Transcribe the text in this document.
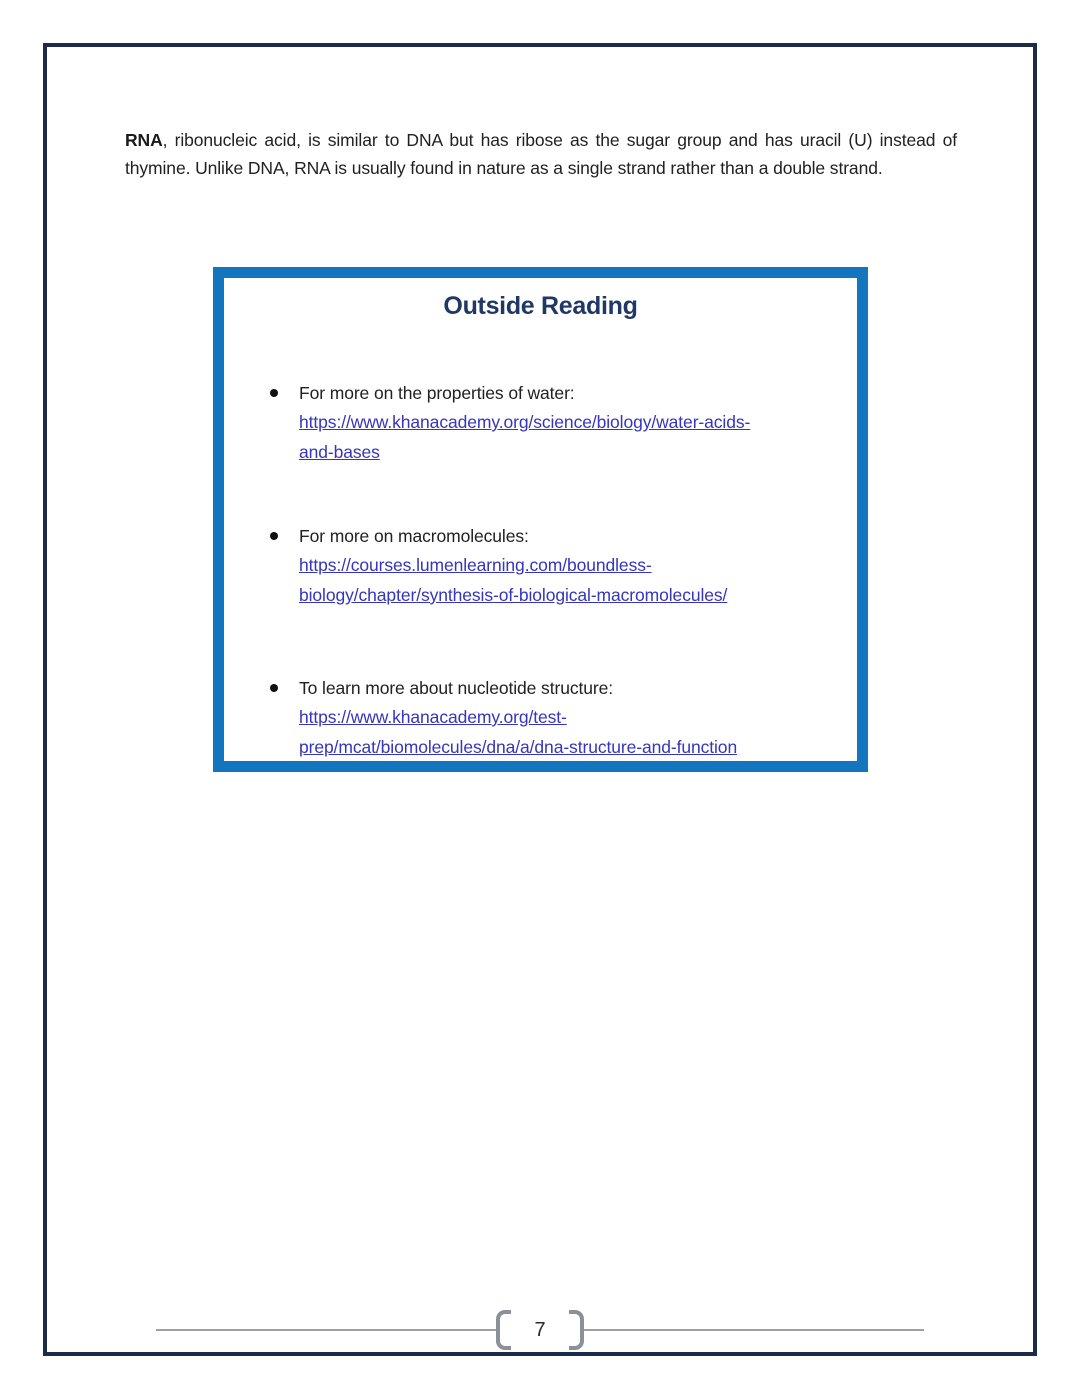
RNA, ribonucleic acid, is similar to DNA but has ribose as the sugar group and has uracil (U) instead of thymine. Unlike DNA, RNA is usually found in nature as a single strand rather than a double strand.

Outside Reading
For more on the properties of water:
https://www.khanacademy.org/science/biology/water-acids-
and-bases
For more on macromolecules:
https://courses.lumenlearning.com/boundless-
biology/chapter/synthesis-of-biological-macromolecules/
To learn more about nucleotide structure:
https://www.khanacademy.org/test-
prep/mcat/biomolecules/dna/a/dna-structure-and-function
7
